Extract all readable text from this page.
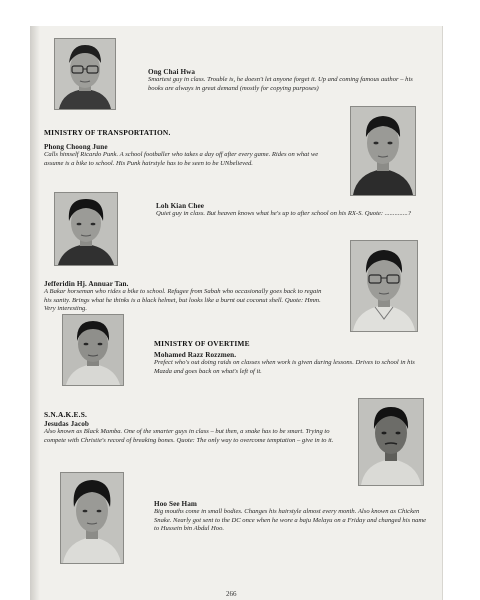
Ong Chai Hwa
Smartest guy in class. Trouble is, he doesn't let anyone forget it. Up and coming famous author – his books are always in great demand (mostly for copying purposes)
MINISTRY OF TRANSPORTATION.
Phong Choong June
Calls himself Ricardo Punk. A school footballer who takes a day off after every game. Rides on what we assume is a bike to school. His Punk hairstyle has to be seen to be UNbelieved.
Loh Kian Chee
Quiet guy in class. But heaven knows what he's up to after school on his RX-S. Quote: ..............?
Jefferidin Hj. Annuar Tan.
A Bakar horseman who rides a bike to school. Refugee from Sabah who occasionally goes back to regain his sanity. Brings what he thinks is a black helmet, but looks like a burnt out coconut shell. Quote: Hmm. Very interesting.
MINISTRY OF OVERTIME
Mohamed Razz Rozzmen.
Prefect who's out doing raids on classes when work is given during lessons. Drives to school in his Mazda and goes back on what's left of it.
S.N.A.K.E.S.
Jesudas Jacob
Also known as Black Mamba. One of the smarter guys in class – but then, a snake has to be smart. Trying to compete with Christie's record of breaking bones. Quote: The only way to overcome temptation – give in to it.
Hoo See Ham
Big mouths come in small bodies. Changes his hairstyle almost every month. Also known as Chicken Snake. Nearly got sent to the DC once when he wore a baju Melayu on a Friday and changed his name to Hussein bin Abdul Hoo.
266
